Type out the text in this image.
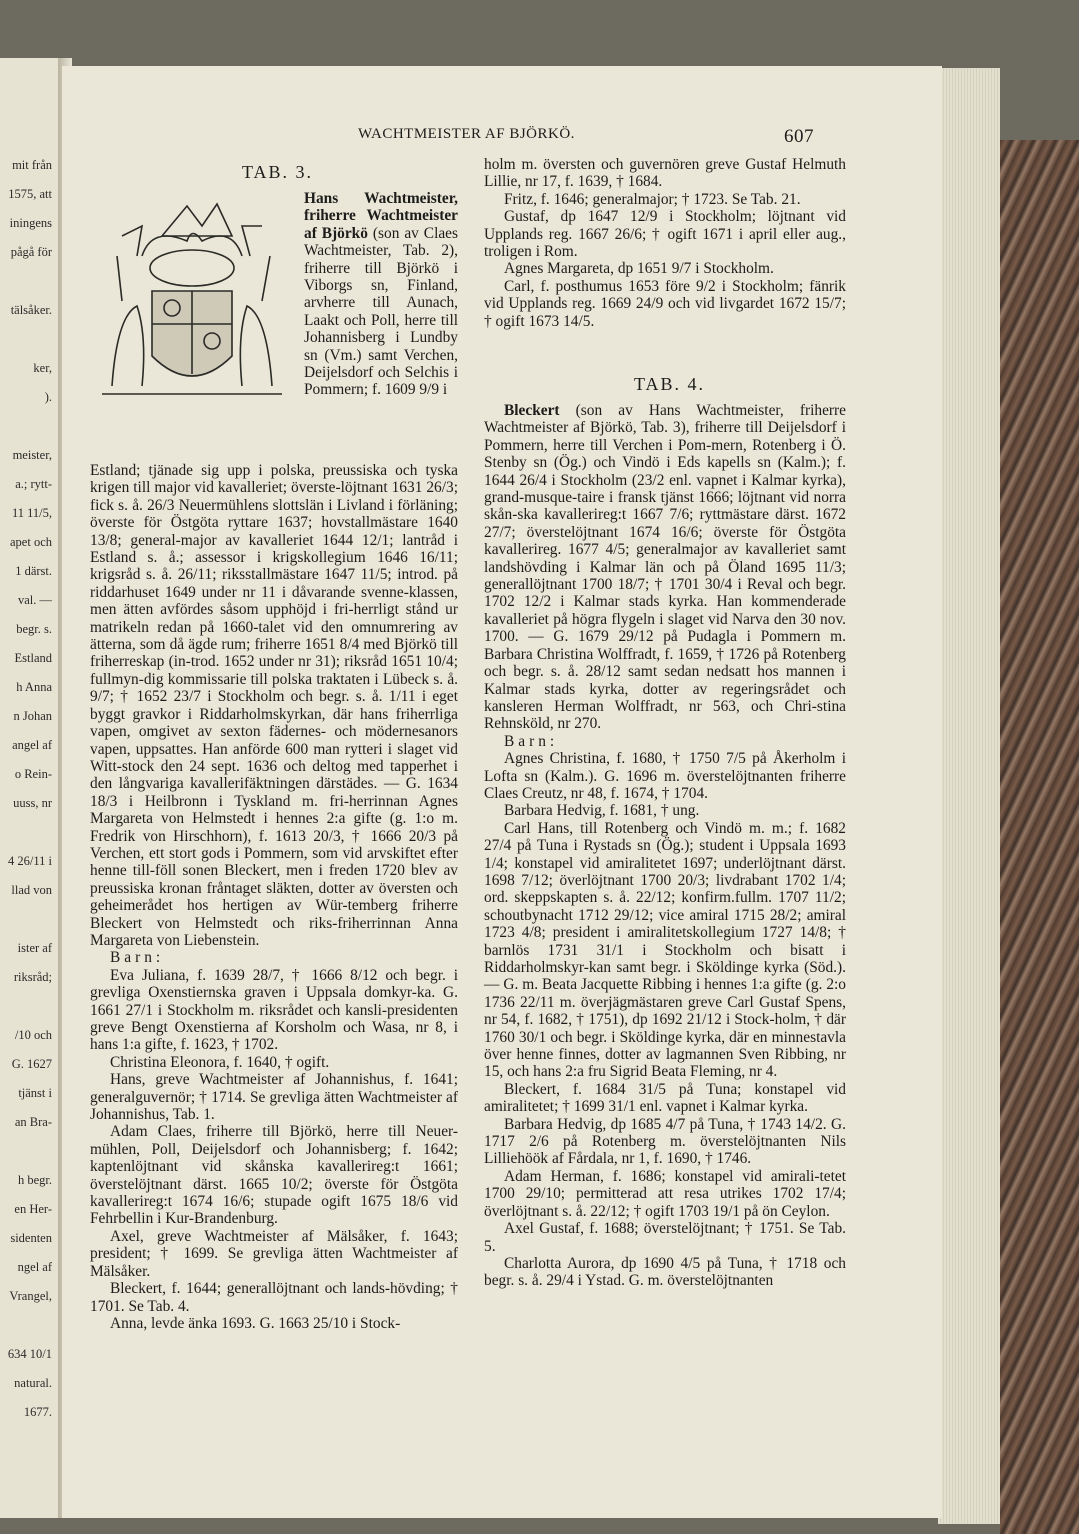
mit från
1575, att
iningens
pågå för
tälsåker.
ker,
).
meister,
a.; rytt-
11 11/5,
apet och
1 därst.
val. —
begr. s.
Estland
h Anna
n Johan
angel af
o Rein-
uuss, nr
4 26/11 i
llad von
ister af
riksråd;
/10 och
G. 1627
tjänst i
an Bra-
h begr.
en Her-
sidenten
ngel af
Vrangel,
634 10/1
natural.
1677.
WACHTMEISTER AF BJÖRKÖ.	607
TAB. 3.
Hans Wachtmeister, friherre Wachtmeister af Björkö (son av Claes Wachtmeister, Tab. 2), friherre till Björkö i Viborgs sn, Finland, arvherre till Aunach, Laakt och Poll, herre till Johannisberg i Lundby sn (Vm.) samt Verchen, Deijelsdorf och Selchis i Pommern; f. 1609 9/9 i

Estland; tjänade sig upp i polska, preussiska och tyska krigen till major vid kavalleriet; överste-löjtnant 1631 26/3; fick s. å. 26/3 Neuermühlens slottslän i Livland i förläning; överste för Östgöta ryttare 1637; hovstallmästare 1640 13/8; general-major av kavalleriet 1644 12/1; lantråd i Estland s. å.; assessor i krigskollegium 1646 16/11; krigsråd s. å. 26/11; riksstallmästare 1647 11/5; introd. på riddarhuset 1649 under nr 11 i dåvarande svenne-klassen, men ätten avfördes såsom upphöjd i fri-herrligt stånd ur matrikeln redan på 1660-talet vid den omnumrering av ätterna, som då ägde rum; friherre 1651 8/4 med Björkö till friherreskap (in-trod. 1652 under nr 31); riksråd 1651 10/4; fullmyn-dig kommissarie till polska traktaten i Lübeck s. å. 9/7; † 1652 23/7 i Stockholm och begr. s. å. 1/11 i eget byggt gravkor i Riddarholmskyrkan, där hans friherrliga vapen, omgivet av sexton fädernes- och mödernesanors vapen, uppsattes. Han anförde 600 man rytteri i slaget vid Witt-stock den 24 sept. 1636 och deltog med tapperhet i den långvariga kavallerifäktningen därstädes. — G. 1634 18/3 i Heilbronn i Tyskland m. fri-herrinnan Agnes Margareta von Helmstedt i hennes 2:a gifte (g. 1:o m. Fredrik von Hirschhorn), f. 1613 20/3, † 1666 20/3 på Verchen, ett stort gods i Pommern, som vid arvskiftet efter henne till-föll sonen Bleckert, men i freden 1720 blev av preussiska kronan fråntaget släkten, dotter av översten och geheimerådet hos hertigen av Wür-temberg friherre Bleckert von Helmstedt och riks-friherrinnan Anna Margareta von Liebenstein.

Barn:

Eva Juliana, f. 1639 28/7, † 1666 8/12 och begr. i grevliga Oxenstiernska graven i Uppsala domkyr-ka. G. 1661 27/1 i Stockholm m. riksrådet och kansli-presidenten greve Bengt Oxenstierna af Korsholm och Wasa, nr 8, i hans 1:a gifte, f. 1623, † 1702.

Christina Eleonora, f. 1640, † ogift.

Hans, greve Wachtmeister af Johannishus, f. 1641; generalguvernör; † 1714. Se grevliga ätten Wachtmeister af Johannishus, Tab. 1.

Adam Claes, friherre till Björkö, herre till Neuer-mühlen, Poll, Deijelsdorf och Johannisberg; f. 1642; kaptenlöjtnant vid skånska kavallerireg:t 1661; överstelöjtnant därst. 1665 10/2; överste för Östgöta kavallerireg:t 1674 16/6; stupade ogift 1675 18/6 vid Fehrbellin i Kur-Brandenburg.

Axel, greve Wachtmeister af Mälsåker, f. 1643; president; † 1699. Se grevliga ätten Wachtmeister af Mälsåker.

Bleckert, f. 1644; generallöjtnant och lands-hövding; † 1701. Se Tab. 4.

Anna, levde änka 1693. G. 1663 25/10 i Stock-

holm m. översten och guvernören greve Gustaf Helmuth Lillie, nr 17, f. 1639, † 1684.

Fritz, f. 1646; generalmajor; † 1723. Se Tab. 21.

Gustaf, dp 1647 12/9 i Stockholm; löjtnant vid Upplands reg. 1667 26/6; † ogift 1671 i april eller aug., troligen i Rom.

Agnes Margareta, dp 1651 9/7 i Stockholm.

Carl, f. posthumus 1653 före 9/2 i Stockholm; fänrik vid Upplands reg. 1669 24/9 och vid livgardet 1672 15/7; † ogift 1673 14/5.

TAB. 4.

Bleckert (son av Hans Wachtmeister, friherre Wachtmeister af Björkö, Tab. 3), friherre till Deijelsdorf i Pommern, herre till Verchen i Pom-mern, Rotenberg i Ö. Stenby sn (Ög.) och Vindö i Eds kapells sn (Kalm.); f. 1644 26/4 i Stockholm (23/2 enl. vapnet i Kalmar kyrka), grand-musque-taire i fransk tjänst 1666; löjtnant vid norra skån-ska kavallerireg:t 1667 7/6; ryttmästare därst. 1672 27/7; överstelöjtnant 1674 16/6; överste för Östgöta kavallerireg. 1677 4/5; generalmajor av kavalleriet samt landshövding i Kalmar län och på Öland 1695 11/3; generallöjtnant 1700 18/7; † 1701 30/4 i Reval och begr. 1702 12/2 i Kalmar stads kyrka. Han kommenderade kavalleriet på högra flygeln i slaget vid Narva den 30 nov. 1700. — G. 1679 29/12 på Pudagla i Pommern m. Barbara Christina Wolffradt, f. 1659, † 1726 på Rotenberg och begr. s. å. 28/12 samt sedan nedsatt hos mannen i Kalmar stads kyrka, dotter av regeringsrådet och kansleren Herman Wolffradt, nr 563, och Chri-stina Rehnsköld, nr 270.

Barn:

Agnes Christina, f. 1680, † 1750 7/5 på Åkerholm i Lofta sn (Kalm.). G. 1696 m. överstelöjtnanten friherre Claes Creutz, nr 48, f. 1674, † 1704.

Barbara Hedvig, f. 1681, † ung.

Carl Hans, till Rotenberg och Vindö m. m.; f. 1682 27/4 på Tuna i Rystads sn (Ög.); student i Uppsala 1693 1/4; konstapel vid amiralitetet 1697; underlöjtnant därst. 1698 7/12; överlöjtnant 1700 20/3; livdrabant 1702 1/4; ord. skeppskapten s. å. 22/12; konfirm.fullm. 1707 11/2; schoutbynacht 1712 29/12; vice amiral 1715 28/2; amiral 1723 4/8; president i amiralitetskollegium 1727 14/8; † barnlös 1731 31/1 i Stockholm och bisatt i Riddarholmskyr-kan samt begr. i Sköldinge kyrka (Söd.). — G. m. Beata Jacquette Ribbing i hennes 1:a gifte (g. 2:o 1736 22/11 m. överjägmästaren greve Carl Gustaf Spens, nr 54, f. 1682, † 1751), dp 1692 21/12 i Stock-holm, † där 1760 30/1 och begr. i Sköldinge kyrka, där en minnestavla över henne finnes, dotter av lagmannen Sven Ribbing, nr 15, och hans 2:a fru Sigrid Beata Fleming, nr 4.

Bleckert, f. 1684 31/5 på Tuna; konstapel vid amiralitetet; † 1699 31/1 enl. vapnet i Kalmar kyrka.

Barbara Hedvig, dp 1685 4/7 på Tuna, † 1743 14/2. G. 1717 2/6 på Rotenberg m. överstelöjtnanten Nils Lilliehöök af Fårdala, nr 1, f. 1690, † 1746.

Adam Herman, f. 1686; konstapel vid amirali-tetet 1700 29/10; permitterad att resa utrikes 1702 17/4; överlöjtnant s. å. 22/12; † ogift 1703 19/1 på ön Ceylon.

Axel Gustaf, f. 1688; överstelöjtnant; † 1751. Se Tab. 5.

Charlotta Aurora, dp 1690 4/5 på Tuna, † 1718 och begr. s. å. 29/4 i Ystad. G. m. överstelöjtnanten
